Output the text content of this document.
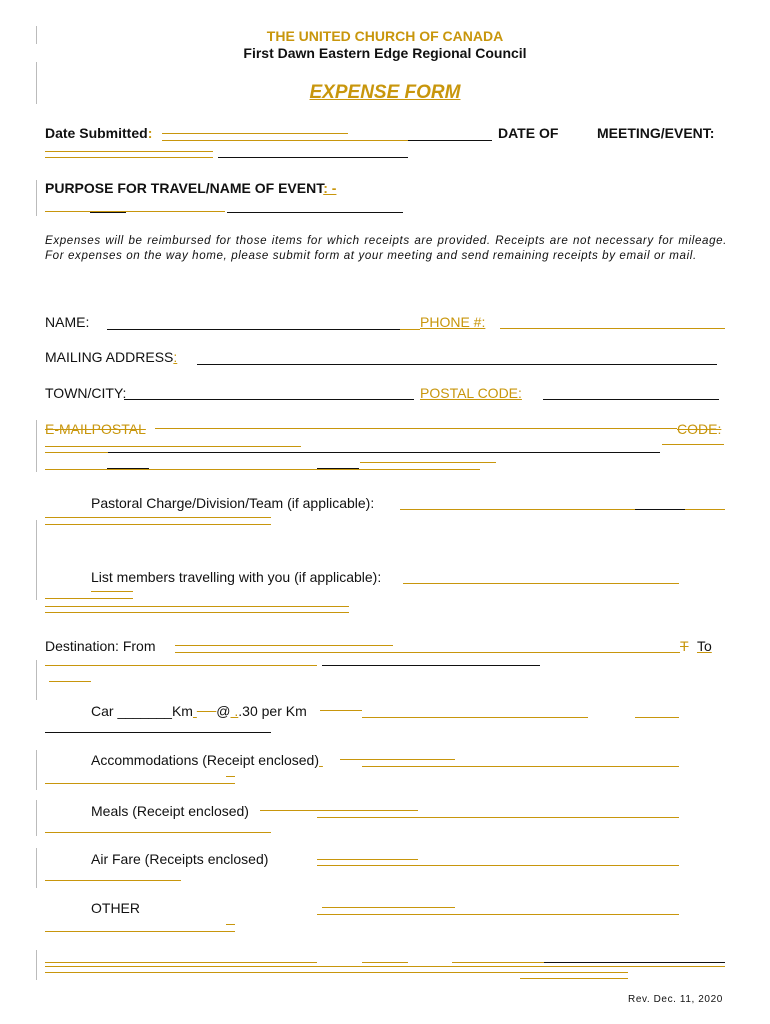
THE UNITED CHURCH OF CANADA
First Dawn Eastern Edge Regional Council
EXPENSE FORM
Date Submitted:	DATE OF	MEETING/EVENT:
PURPOSE FOR TRAVEL/NAME OF EVENT: -
Expenses will be reimbursed for those items for which receipts are provided. Receipts are not necessary for mileage. For expenses on the way home, please submit form at your meeting and send remaining receipts by email or mail.
NAME:	PHONE #:
MAILING ADDRESS:
TOWN/CITY:	POSTAL CODE:
E-MAILPOSTAL	CODE:
Pastoral Charge/Division/Team (if applicable):
List members travelling with you (if applicable):
Destination: From	T To
Car _______Km @ ..30 per Km
Accommodations (Receipt enclosed)
Meals (Receipt enclosed)
Air Fare (Receipts enclosed)
OTHER
Rev. Dec. 11, 2020
